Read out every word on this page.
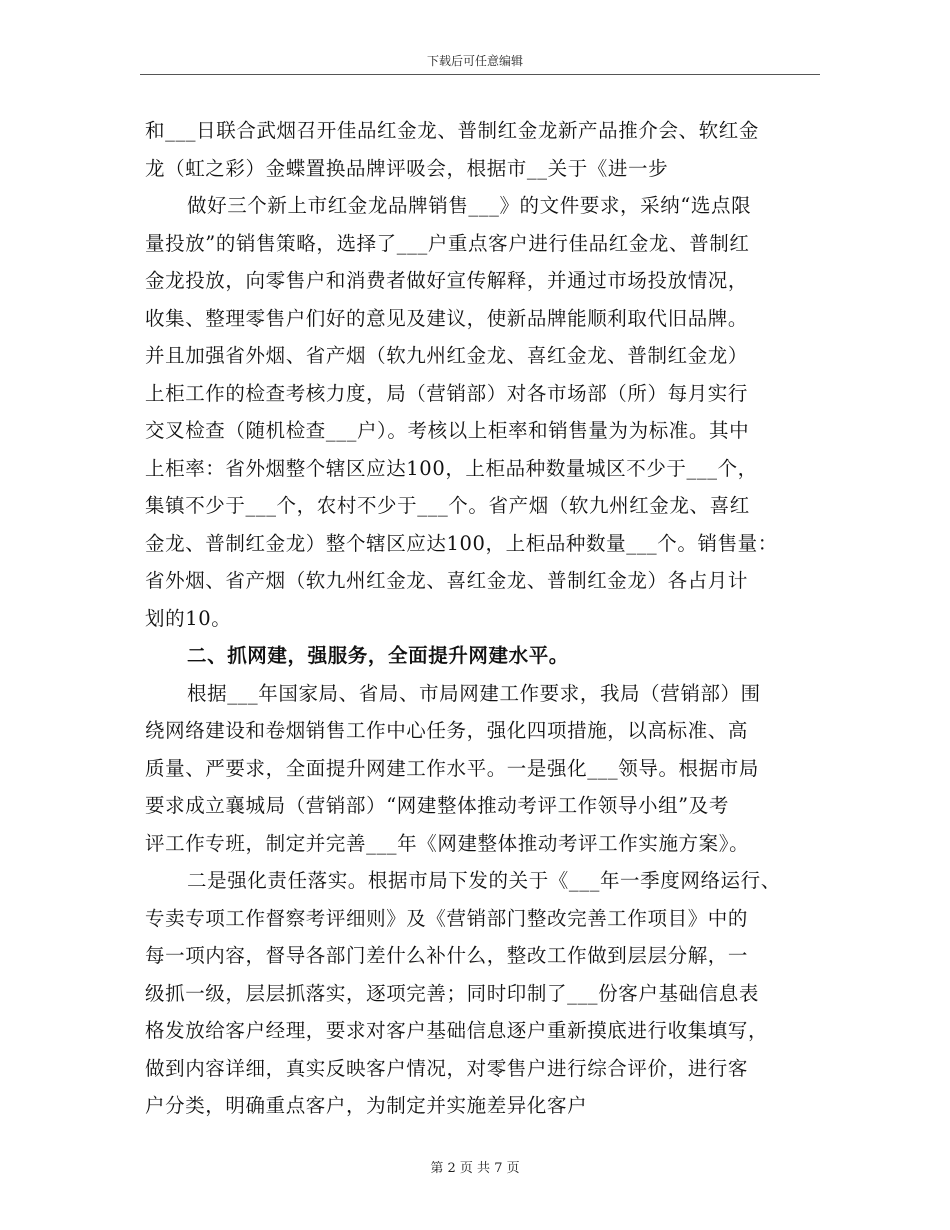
下载后可任意编辑
和___日联合武烟召开佳品红金龙、普制红金龙新产品推介会、软红金
龙（虹之彩）金蝶置换品牌评吸会，根据市__关于《进一步
做好三个新上市红金龙品牌销售___》的文件要求，采纳“选点限
量投放”的销售策略，选择了___户重点客户进行佳品红金龙、普制红
金龙投放，向零售户和消费者做好宣传解释，并通过市场投放情况，
收集、整理零售户们好的意见及建议，使新品牌能顺利取代旧品牌。
并且加强省外烟、省产烟（软九州红金龙、喜红金龙、普制红金龙）
上柜工作的检查考核力度，局（营销部）对各市场部（所）每月实行
交叉检查（随机检查___户）。考核以上柜率和销售量为为标准。其中
上柜率：省外烟整个辖区应达100，上柜品种数量城区不少于___个，
集镇不少于___个，农村不少于___个。省产烟（软九州红金龙、喜红
金龙、普制红金龙）整个辖区应达100，上柜品种数量___个。销售量：
省外烟、省产烟（软九州红金龙、喜红金龙、普制红金龙）各占月计
划的10。
二、抓网建，强服务，全面提升网建水平。
根据___年国家局、省局、市局网建工作要求，我局（营销部）围
绕网络建设和卷烟销售工作中心任务，强化四项措施，以高标准、高
质量、严要求，全面提升网建工作水平。一是强化___领导。根据市局
要求成立襄城局（营销部）“网建整体推动考评工作领导小组”及考
评工作专班，制定并完善___年《网建整体推动考评工作实施方案》。
二是强化责任落实。根据市局下发的关于《___年一季度网络运行、
专卖专项工作督察考评细则》及《营销部门整改完善工作项目》中的
每一项内容，督导各部门差什么补什么，整改工作做到层层分解，一
级抓一级，层层抓落实，逐项完善；同时印制了___份客户基础信息表
格发放给客户经理，要求对客户基础信息逐户重新摸底进行收集填写，
做到内容详细，真实反映客户情况，对零售户进行综合评价，进行客
户分类，明确重点客户，为制定并实施差异化客户
第 2 页 共 7 页
